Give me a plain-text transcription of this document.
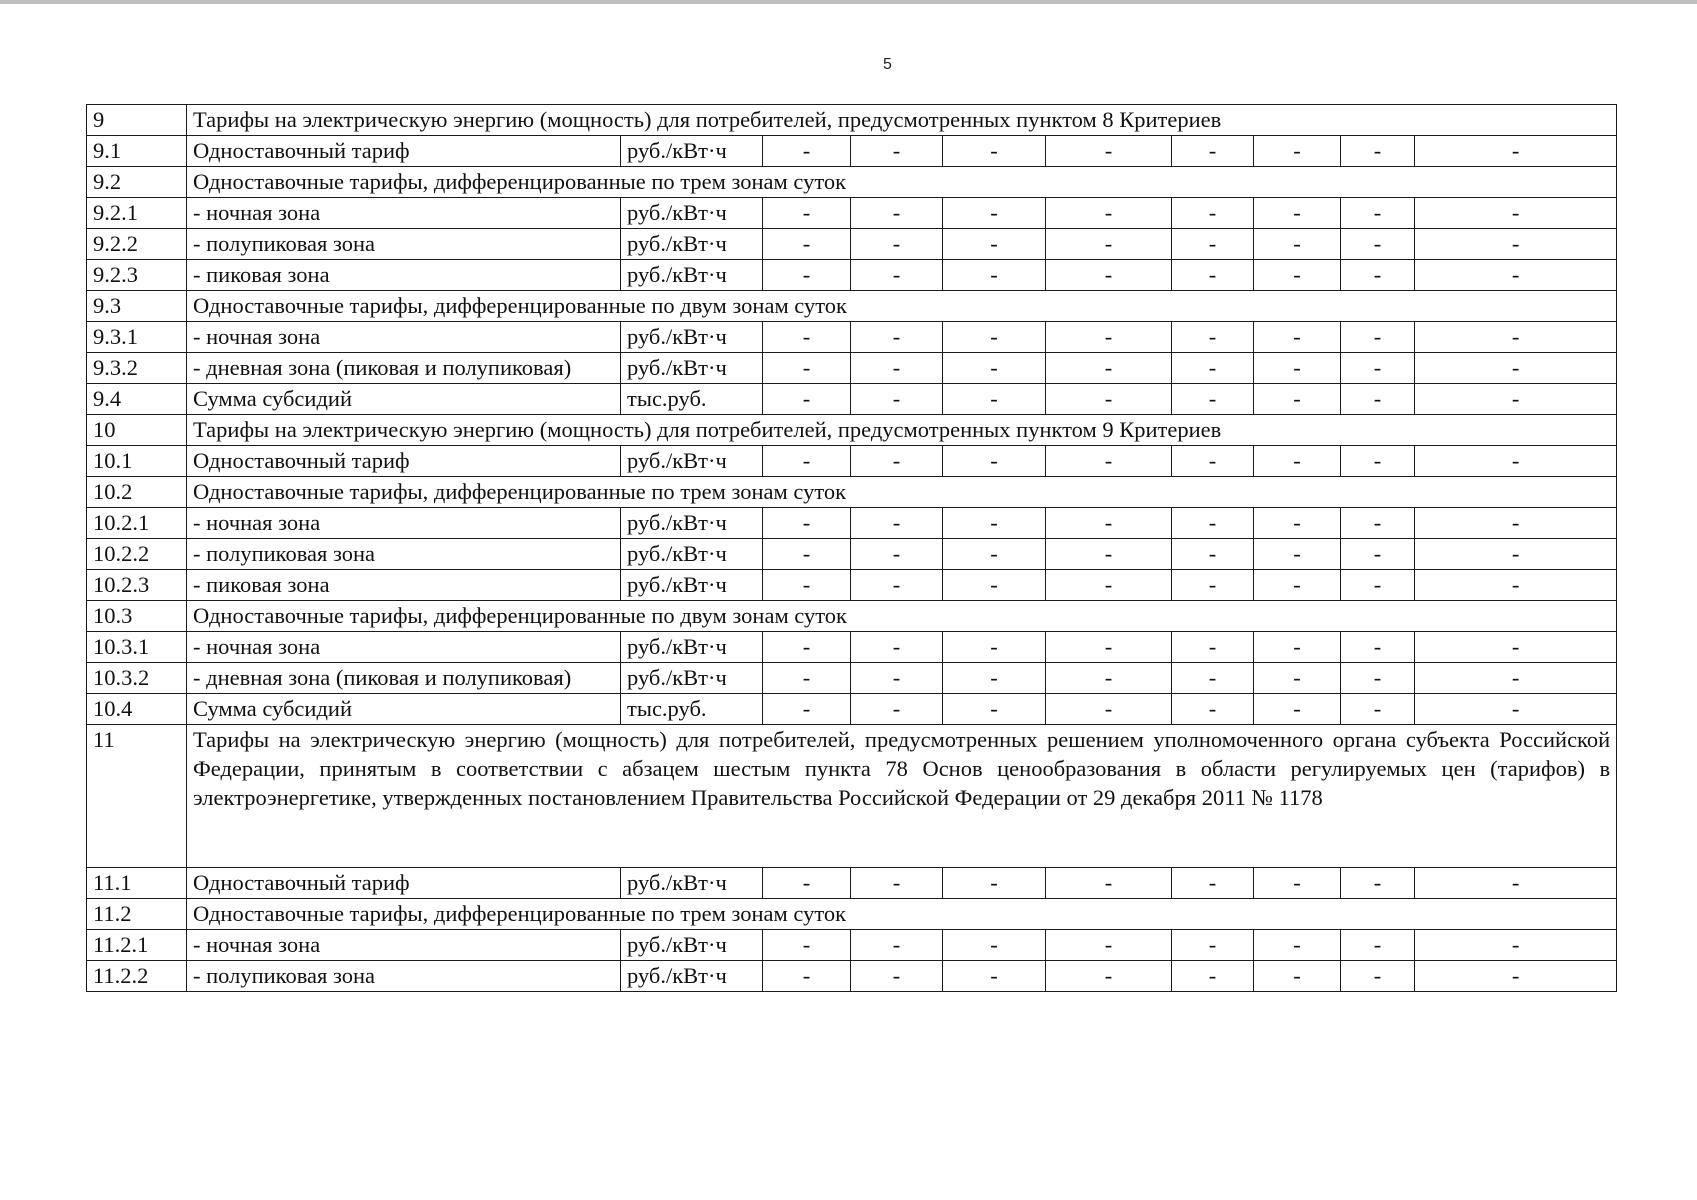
5
9	Тарифы на электрическую энергию (мощность) для потребителей, предусмотренных пунктом 8 Критериев									
9.1	Одноставочный тариф	руб./кВт·ч	-	-	-	-	-	-	-	-
9.2	Одноставочные тарифы, дифференцированные по трем зонам суток									
9.2.1	- ночная зона	руб./кВт·ч	-	-	-	-	-	-	-	-
9.2.2	- полупиковая зона	руб./кВт·ч	-	-	-	-	-	-	-	-
9.2.3	- пиковая зона	руб./кВт·ч	-	-	-	-	-	-	-	-
9.3	Одноставочные тарифы, дифференцированные по двум зонам суток									
9.3.1	- ночная зона	руб./кВт·ч	-	-	-	-	-	-	-	-
9.3.2	- дневная зона (пиковая и полупиковая)	руб./кВт·ч	-	-	-	-	-	-	-	-
9.4	Сумма субсидий	тыс.руб.	-	-	-	-	-	-	-	-
10	Тарифы на электрическую энергию (мощность) для потребителей, предусмотренных пунктом 9 Критериев									
10.1	Одноставочный тариф	руб./кВт·ч	-	-	-	-	-	-	-	-
10.2	Одноставочные тарифы, дифференцированные по трем зонам суток									
10.2.1	- ночная зона	руб./кВт·ч	-	-	-	-	-	-	-	-
10.2.2	- полупиковая зона	руб./кВт·ч	-	-	-	-	-	-	-	-
10.2.3	- пиковая зона	руб./кВт·ч	-	-	-	-	-	-	-	-
10.3	Одноставочные тарифы, дифференцированные по двум зонам суток									
10.3.1	- ночная зона	руб./кВт·ч	-	-	-	-	-	-	-	-
10.3.2	- дневная зона (пиковая и полупиковая)	руб./кВт·ч	-	-	-	-	-	-	-	-
10.4	Сумма субсидий	тыс.руб.	-	-	-	-	-	-	-	-
11	Тарифы на электрическую энергию (мощность) для потребителей, предусмотренных решением уполномоченного органа субъекта Российской Федерации, принятым в соответствии с абзацем шестым пункта 78 Основ ценообразования в области регулируемых цен (тарифов) в электроэнергетике, утвержденных постановлением Правительства Российской Федерации от 29 декабря 2011 № 1178									
11.1	Одноставочный тариф	руб./кВт·ч	-	-	-	-	-	-	-	-
11.2	Одноставочные тарифы, дифференцированные по трем зонам суток									
11.2.1	- ночная зона	руб./кВт·ч	-	-	-	-	-	-	-	-
11.2.2	- полупиковая зона	руб./кВт·ч	-	-	-	-	-	-	-	-
